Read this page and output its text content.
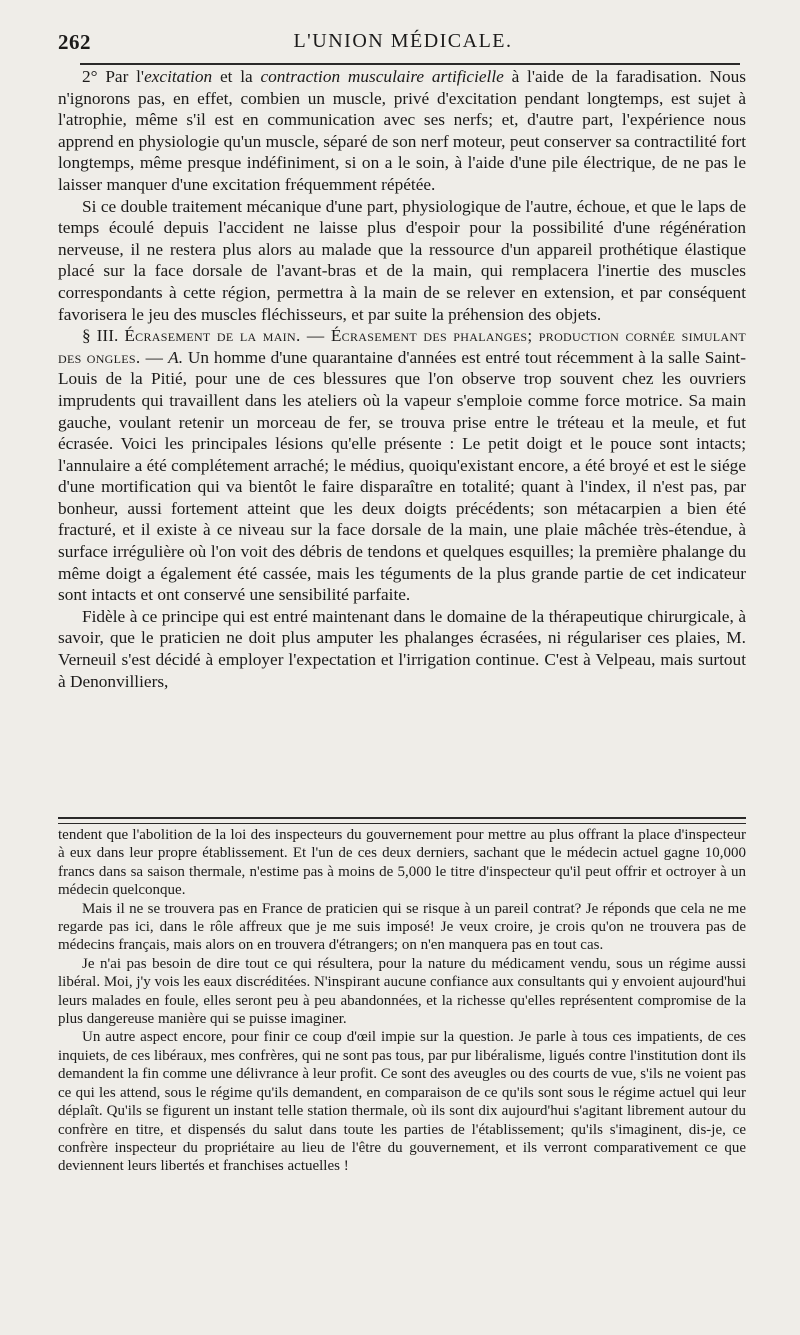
262	L'UNION MÉDICALE.

2° Par l'excitation et la contraction musculaire artificielle à l'aide de la faradisation. Nous n'ignorons pas, en effet, combien un muscle, privé d'excitation pendant longtemps, est sujet à l'atrophie, même s'il est en communication avec ses nerfs; et, d'autre part, l'expérience nous apprend en physiologie qu'un muscle, séparé de son nerf moteur, peut conserver sa contractilité fort longtemps, même presque indéfiniment, si on a le soin, à l'aide d'une pile électrique, de ne pas le laisser manquer d'une excitation fréquemment répétée.

Si ce double traitement mécanique d'une part, physiologique de l'autre, échoue, et que le laps de temps écoulé depuis l'accident ne laisse plus d'espoir pour la possibilité d'une régénération nerveuse, il ne restera plus alors au malade que la ressource d'un appareil prothétique élastique placé sur la face dorsale de l'avant-bras et de la main, qui remplacera l'inertie des muscles correspondants à cette région, permettra à la main de se relever en extension, et par conséquent favorisera le jeu des muscles fléchisseurs, et par suite la préhension des objets.

§ III. Écrasement de la main. — Écrasement des phalanges; production cornée simulant des ongles. — A. Un homme d'une quarantaine d'années est entré tout récemment à la salle Saint-Louis de la Pitié, pour une de ces blessures que l'on observe trop souvent chez les ouvriers imprudents qui travaillent dans les ateliers où la vapeur s'emploie comme force motrice. Sa main gauche, voulant retenir un morceau de fer, se trouva prise entre le tréteau et la meule, et fut écrasée. Voici les principales lésions qu'elle présente : Le petit doigt et le pouce sont intacts; l'annulaire a été complétement arraché; le médius, quoiqu'existant encore, a été broyé et est le siége d'une mortification qui va bientôt le faire disparaître en totalité; quant à l'index, il n'est pas, par bonheur, aussi fortement atteint que les deux doigts précédents; son métacarpien a bien été fracturé, et il existe à ce niveau sur la face dorsale de la main, une plaie mâchée très-étendue, à surface irrégulière où l'on voit des débris de tendons et quelques esquilles; la première phalange du même doigt a également été cassée, mais les téguments de la plus grande partie de cet indicateur sont intacts et ont conservé une sensibilité parfaite.

Fidèle à ce principe qui est entré maintenant dans le domaine de la thérapeutique chirurgicale, à savoir, que le praticien ne doit plus amputer les phalanges écrasées, ni régulariser ces plaies, M. Verneuil s'est décidé à employer l'expectation et l'irrigation continue. C'est à Velpeau, mais surtout à Denonvilliers,

tendent que l'abolition de la loi des inspecteurs du gouvernement pour mettre au plus offrant la place d'inspecteur à eux dans leur propre établissement. Et l'un de ces deux derniers, sachant que le médecin actuel gagne 10,000 francs dans sa saison thermale, n'estime pas à moins de 5,000 le titre d'inspecteur qu'il peut offrir et octroyer à un médecin quelconque.

Mais il ne se trouvera pas en France de praticien qui se risque à un pareil contrat? Je réponds que cela ne me regarde pas ici, dans le rôle affreux que je me suis imposé! Je veux croire, je crois qu'on ne trouvera pas de médecins français, mais alors on en trouvera d'étrangers; on n'en manquera pas en tout cas.

Je n'ai pas besoin de dire tout ce qui résultera, pour la nature du médicament vendu, sous un régime aussi libéral. Moi, j'y vois les eaux discréditées. N'inspirant aucune confiance aux consultants qui y envoient aujourd'hui leurs malades en foule, elles seront peu à peu abandonnées, et la richesse qu'elles représentent compromise de la plus dangereuse manière qui se puisse imaginer.

Un autre aspect encore, pour finir ce coup d'œil impie sur la question. Je parle à tous ces impatients, de ces inquiets, de ces libéraux, mes confrères, qui ne sont pas tous, par pur libéralisme, ligués contre l'institution dont ils demandent la fin comme une délivrance à leur profit. Ce sont des aveugles ou des courts de vue, s'ils ne voient pas ce qui les attend, sous le régime qu'ils demandent, en comparaison de ce qu'ils sont sous le régime actuel qui leur déplaît. Qu'ils se figurent un instant telle station thermale, où ils sont dix aujourd'hui s'agitant librement autour du confrère en titre, et dispensés du salut dans toute les parties de l'établissement; qu'ils s'imaginent, dis-je, ce confrère inspecteur du propriétaire au lieu de l'être du gouvernement, et ils verront comparativement ce que deviennent leurs libertés et franchises actuelles !
